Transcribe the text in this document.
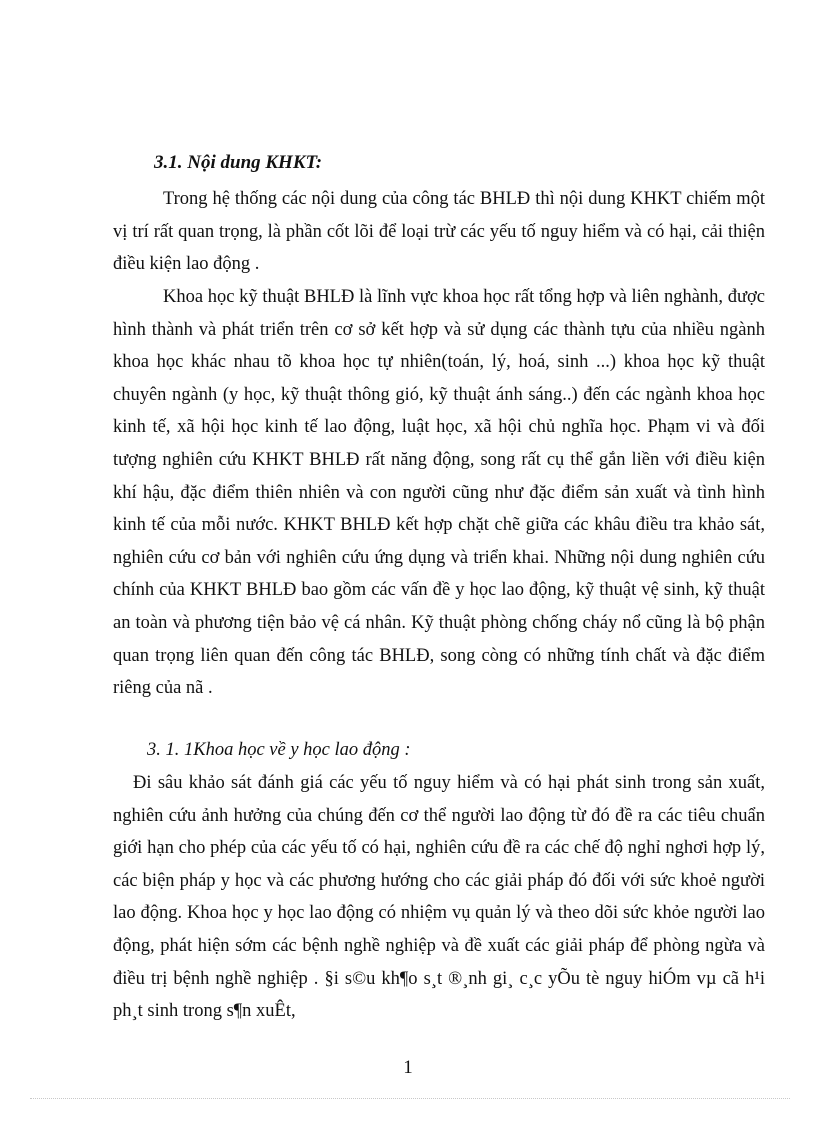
3.1. Nội dung KHKT:

Trong hệ thống các nội dung của công tác BHLĐ thì nội dung KHKT chiếm một vị trí rất quan trọng, là phần cốt lõi để loại trừ các yếu tố nguy hiểm và có hại, cải thiện điều kiện lao động .

Khoa học kỹ thuật BHLĐ là lĩnh vực khoa học rất tổng hợp và liên nghành, được hình thành và phát triển trên cơ sở kết hợp và sử dụng các thành tựu của nhiều ngành khoa học khác nhau tõ khoa học tự nhiên(toán, lý, hoá, sinh ...) khoa học kỹ thuật chuyên ngành (y học, kỹ thuật thông gió, kỹ thuật ánh sáng..) đến các ngành khoa học kinh tế, xã hội học kinh tế lao động, luật học, xã hội chủ nghĩa học. Phạm vi và đối tượng nghiên cứu KHKT BHLĐ rất năng động, song rất cụ thể gắn liền với điều kiện khí hậu, đặc điểm thiên nhiên và con người cũng như đặc điểm sản xuất và tình hình kinh tế của mỗi nước. KHKT BHLĐ kết hợp chặt chẽ giữa các khâu điều tra khảo sát, nghiên cứu cơ bản với nghiên cứu ứng dụng và triển khai. Những nội dung nghiên cứu chính của KHKT BHLĐ bao gồm các vấn đề y học lao động, kỹ thuật vệ sinh, kỹ thuật an toàn và phương tiện bảo vệ cá nhân. Kỹ thuật phòng chống cháy nổ cũng là bộ phận quan trọng liên quan đến công tác BHLĐ, song còng có những tính chất và đặc điểm riêng của nã .

3. 1. 1Khoa học về y học lao động :

Đi sâu khảo sát đánh giá các yếu tố nguy hiểm và có hại phát sinh trong sản xuất, nghiên cứu ảnh hưởng của chúng đến cơ thể người lao động từ đó đề ra các tiêu chuẩn giới hạn cho phép của các yếu tố có hại, nghiên cứu đề ra các chế độ nghỉ nghơi hợp lý, các biện pháp y học và các phương hướng cho các giải pháp đó đối với sức khoẻ người lao động. Khoa học y học lao động có nhiệm vụ quản lý và theo dõi sức khỏe người lao động, phát hiện sớm các bệnh nghề nghiệp và đề xuất các giải pháp để phòng ngừa và điều trị bệnh nghề nghiệp . §i s©u kh¶o s¸t ®¸nh gi¸ c¸c yÕu tè nguy hiÓm vµ cã h¹i ph¸t sinh trong s¶n xuÊt,

1
